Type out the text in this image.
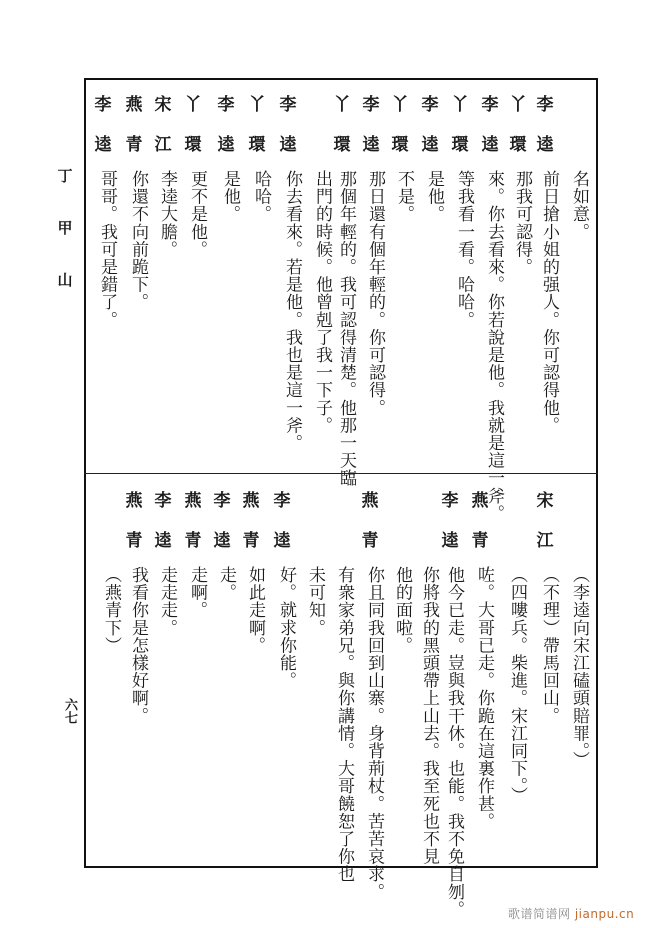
丁
甲
山
六七
李
逵
前日搶小姐的强人。你可認得他。 名如意。
丫
環
那我可認得。
李
逵
來。你去看來。你若說是他。我就是這一斧。
丫
環
等我看一看。哈哈。
李
逵
是他。
丫
環
不是。
李
逵
那日還有個年輕的。你可認得。
丫
環
那個年輕的。我可認得清楚。他那一天臨
出門的時候。他曾剋了我一下子。
李
逵
你去看來。若是他。我也是這一斧。
丫
環
哈哈。
李
逵
是他。
丫
環
更不是他。
宋
江
李逵大膽。
燕
青
你還不向前跪下。
李
逵
哥哥。我可是錯了。
（李逵向宋江磕頭賠罪。）
宋
江
（不理）帶馬回山。
（四嘍兵。柴進。宋江同下。）
燕
青
咗。大哥已走。你跪在這裏作甚。
李
逵
他今已走。豈與我干休。也能。我不免自刎。
你將我的黑頭帶上山去。我至死也不見
他的面啦。
燕
青
你且同我回到山寨。身背荊杖。苦苦哀求。
有衆家弟兄。與你講情。大哥饒恕了你也
未可知。
李
逵
好。就求你能。
燕
青
如此走啊。
李
逵
走。
燕
青
走啊。
李
逵
走走走。
燕
青
我看你是怎樣好啊。
（燕青下）
歌谱简谱网 jianpu.cn
